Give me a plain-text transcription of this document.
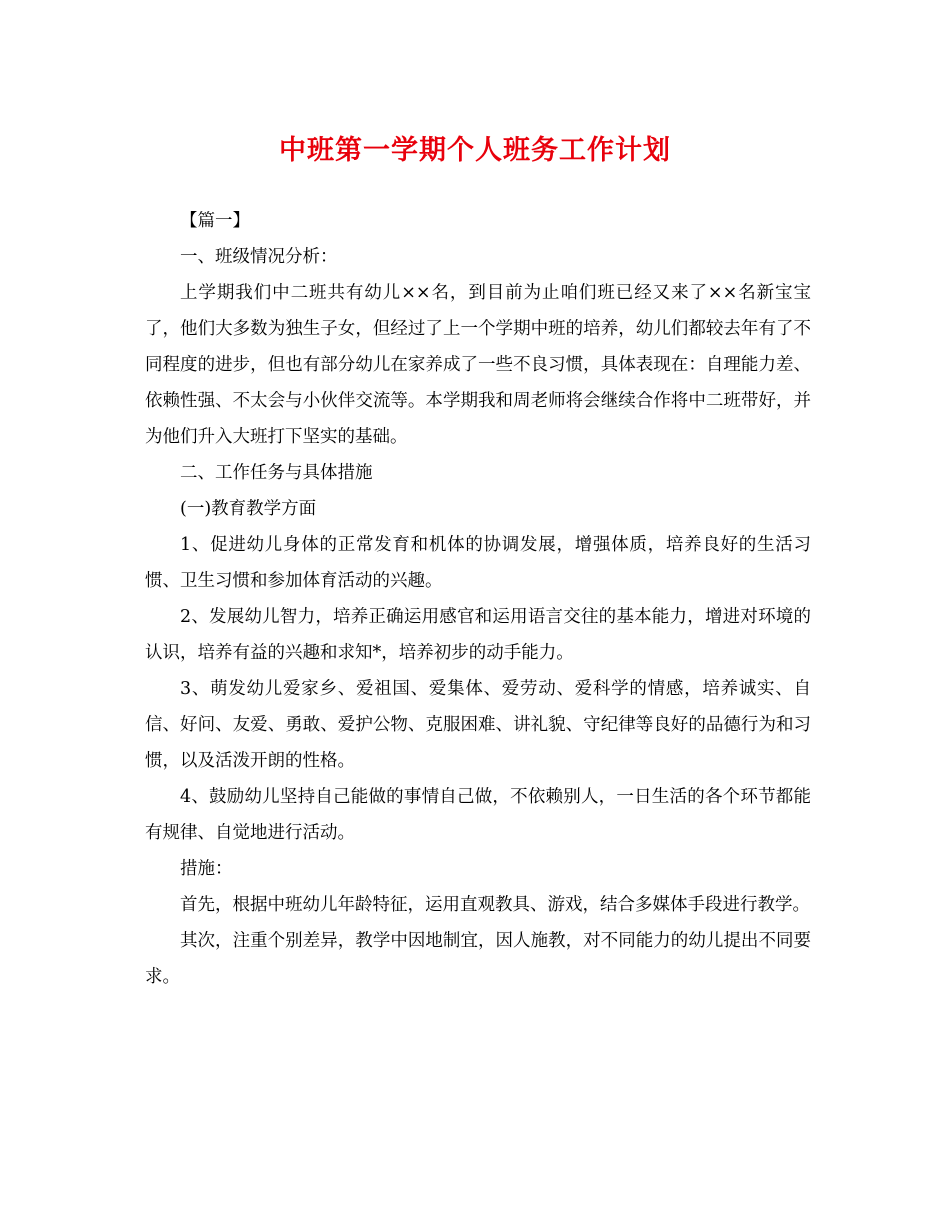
中班第一学期个人班务工作计划

【篇一】

一、班级情况分析：

上学期我们中二班共有幼儿××名，到目前为止咱们班已经又来了××名新宝宝了，他们大多数为独生子女，但经过了上一个学期中班的培养，幼儿们都较去年有了不同程度的进步，但也有部分幼儿在家养成了一些不良习惯，具体表现在：自理能力差、依赖性强、不太会与小伙伴交流等。本学期我和周老师将会继续合作将中二班带好，并为他们升入大班打下坚实的基础。

二、工作任务与具体措施

(一)教育教学方面

1、促进幼儿身体的正常发育和机体的协调发展，增强体质，培养良好的生活习惯、卫生习惯和参加体育活动的兴趣。

2、发展幼儿智力，培养正确运用感官和运用语言交往的基本能力，增进对环境的认识，培养有益的兴趣和求知*，培养初步的动手能力。

3、萌发幼儿爱家乡、爱祖国、爱集体、爱劳动、爱科学的情感，培养诚实、自信、好问、友爱、勇敢、爱护公物、克服困难、讲礼貌、守纪律等良好的品德行为和习惯，以及活泼开朗的性格。

4、鼓励幼儿坚持自己能做的事情自己做，不依赖别人，一日生活的各个环节都能有规律、自觉地进行活动。

措施：

首先，根据中班幼儿年龄特征，运用直观教具、游戏，结合多媒体手段进行教学。

其次，注重个别差异，教学中因地制宜，因人施教，对不同能力的幼儿提出不同要求。
